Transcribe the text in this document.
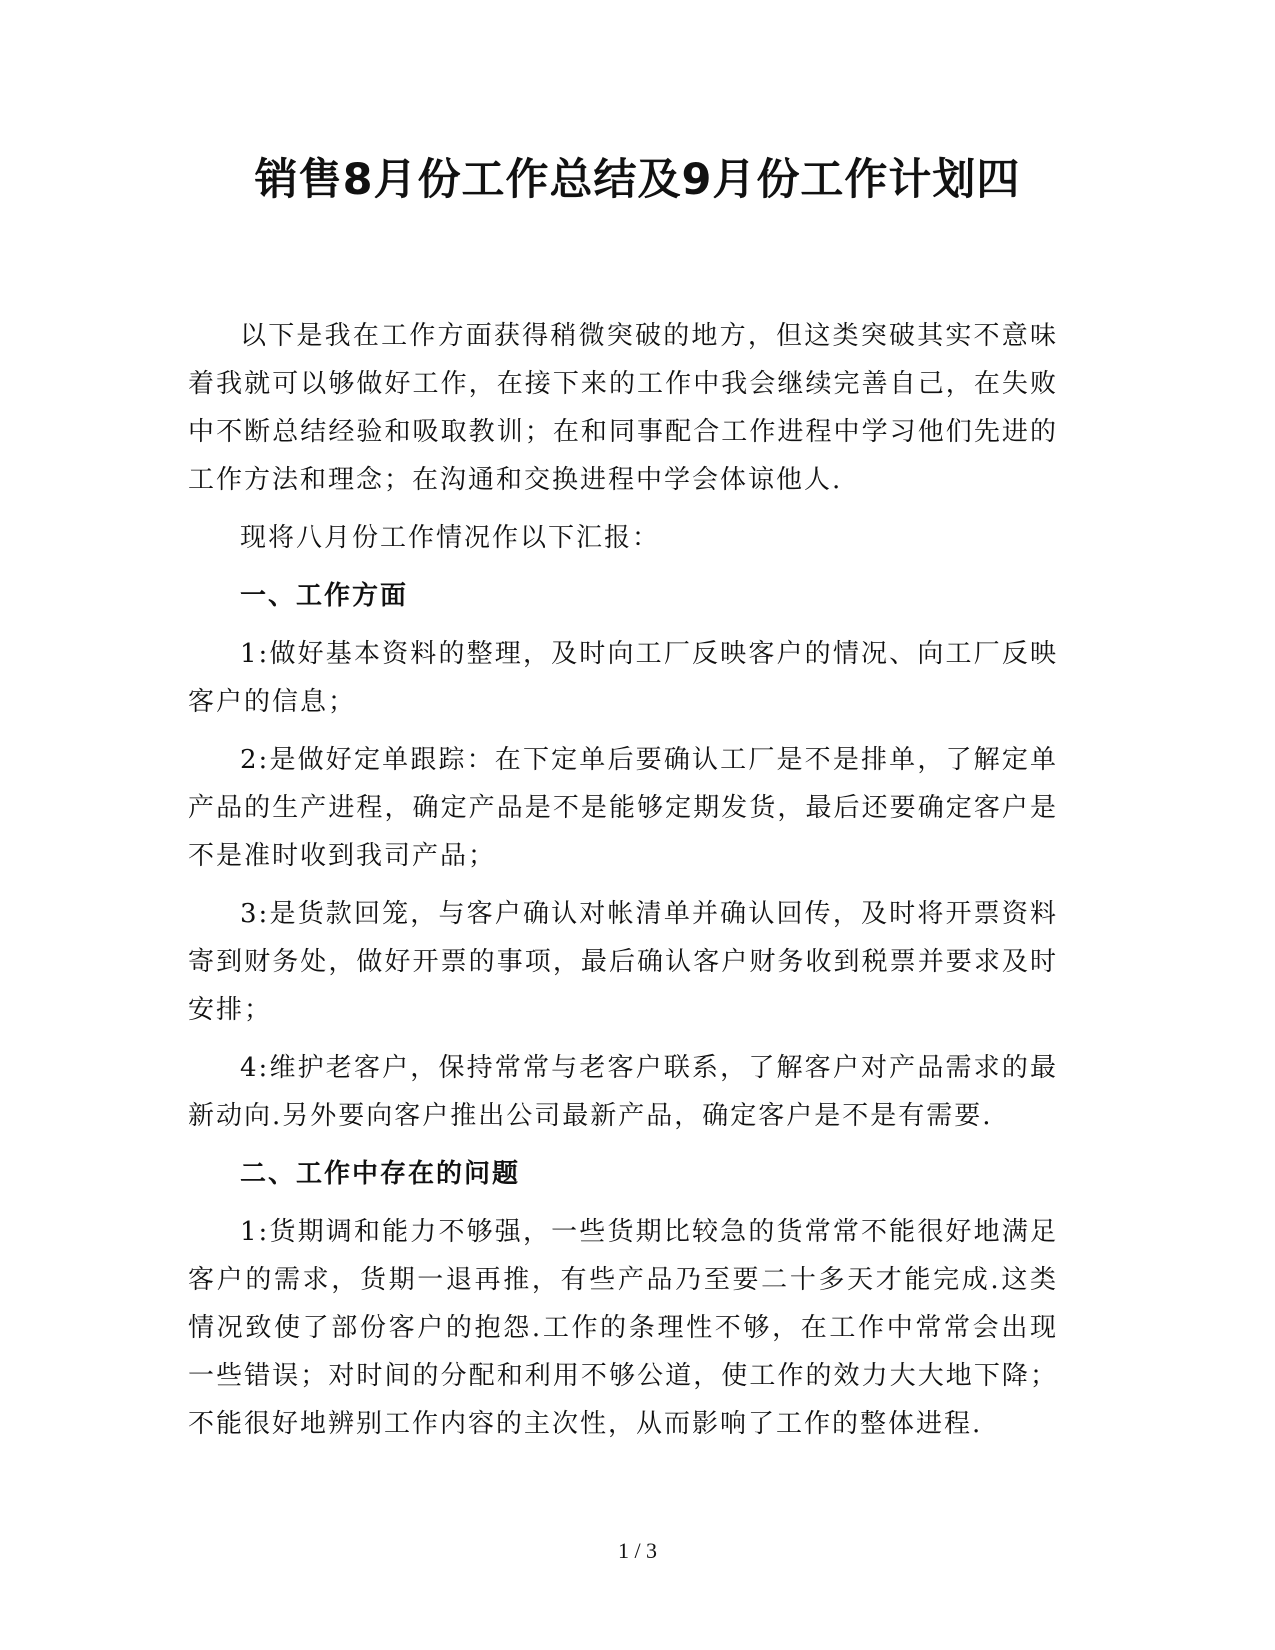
销售8月份工作总结及9月份工作计划四

以下是我在工作方面获得稍微突破的地方，但这类突破其实不意味着我就可以够做好工作，在接下来的工作中我会继续完善自己，在失败中不断总结经验和吸取教训；在和同事配合工作进程中学习他们先进的工作方法和理念；在沟通和交换进程中学会体谅他人.

现将八月份工作情况作以下汇报：

一、工作方面

1:做好基本资料的整理，及时向工厂反映客户的情况、向工厂反映客户的信息；

2:是做好定单跟踪：在下定单后要确认工厂是不是排单，了解定单产品的生产进程，确定产品是不是能够定期发货，最后还要确定客户是不是准时收到我司产品；

3:是货款回笼，与客户确认对帐清单并确认回传，及时将开票资料寄到财务处，做好开票的事项，最后确认客户财务收到税票并要求及时安排；

4:维护老客户，保持常常与老客户联系，了解客户对产品需求的最新动向.另外要向客户推出公司最新产品，确定客户是不是有需要.

二、工作中存在的问题

1:货期调和能力不够强，一些货期比较急的货常常不能很好地满足客户的需求，货期一退再推，有些产品乃至要二十多天才能完成.这类情况致使了部份客户的抱怨.工作的条理性不够，在工作中常常会出现一些错误；对时间的分配和利用不够公道，使工作的效力大大地下降；不能很好地辨别工作内容的主次性，从而影响了工作的整体进程.

1 / 3
